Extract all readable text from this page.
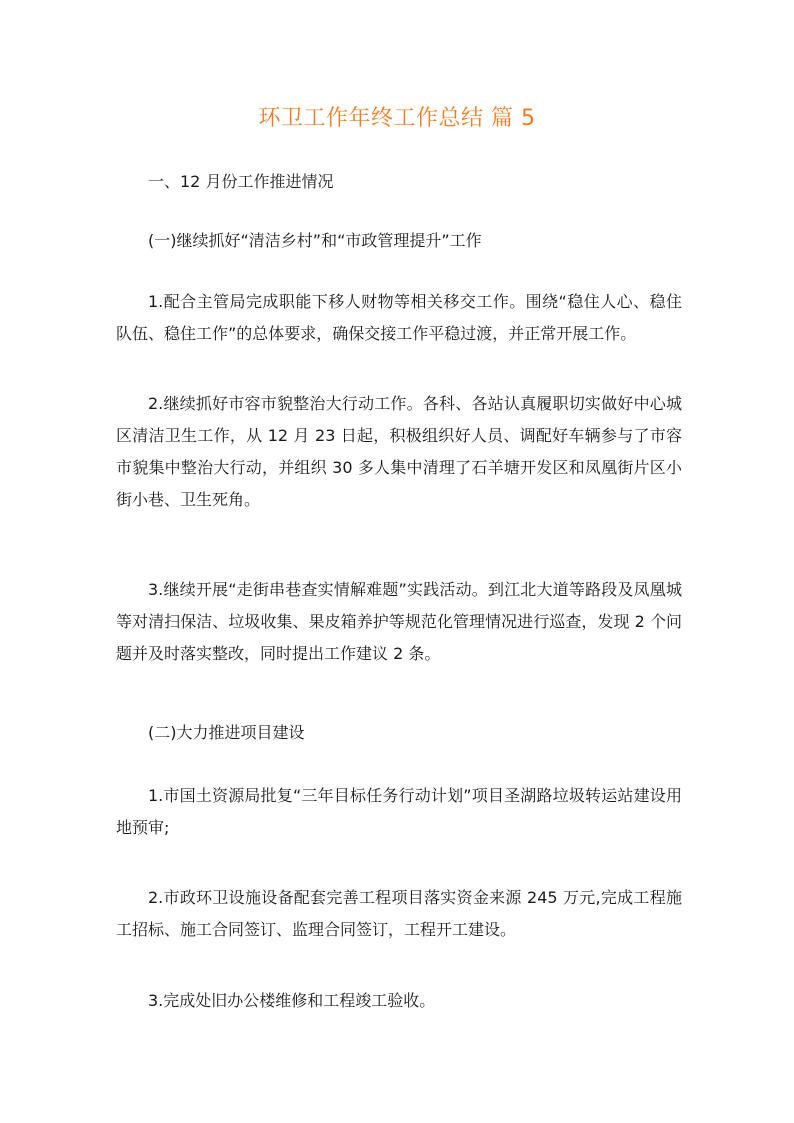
环卫工作年终工作总结 篇 5

一、12 月份工作推进情况

(一)继续抓好“清洁乡村”和“市政管理提升”工作

1.配合主管局完成职能下移人财物等相关移交工作。围绕“稳住人心、稳住队伍、稳住工作”的总体要求，确保交接工作平稳过渡，并正常开展工作。

2.继续抓好市容市貌整治大行动工作。各科、各站认真履职切实做好中心城区清洁卫生工作，从 12 月 23 日起，积极组织好人员、调配好车辆参与了市容市貌集中整治大行动，并组织 30 多人集中清理了石羊塘开发区和凤凰街片区小街小巷、卫生死角。

3.继续开展“走街串巷查实情解难题”实践活动。到江北大道等路段及凤凰城等对清扫保洁、垃圾收集、果皮箱养护等规范化管理情况进行巡查，发现 2 个问题并及时落实整改，同时提出工作建议 2 条。

(二)大力推进项目建设

1.市国土资源局批复“三年目标任务行动计划”项目圣湖路垃圾转运站建设用地预审;

2.市政环卫设施设备配套完善工程项目落实资金来源 245 万元,完成工程施工招标、施工合同签订、监理合同签订，工程开工建设。

3.完成处旧办公楼维修和工程竣工验收。
